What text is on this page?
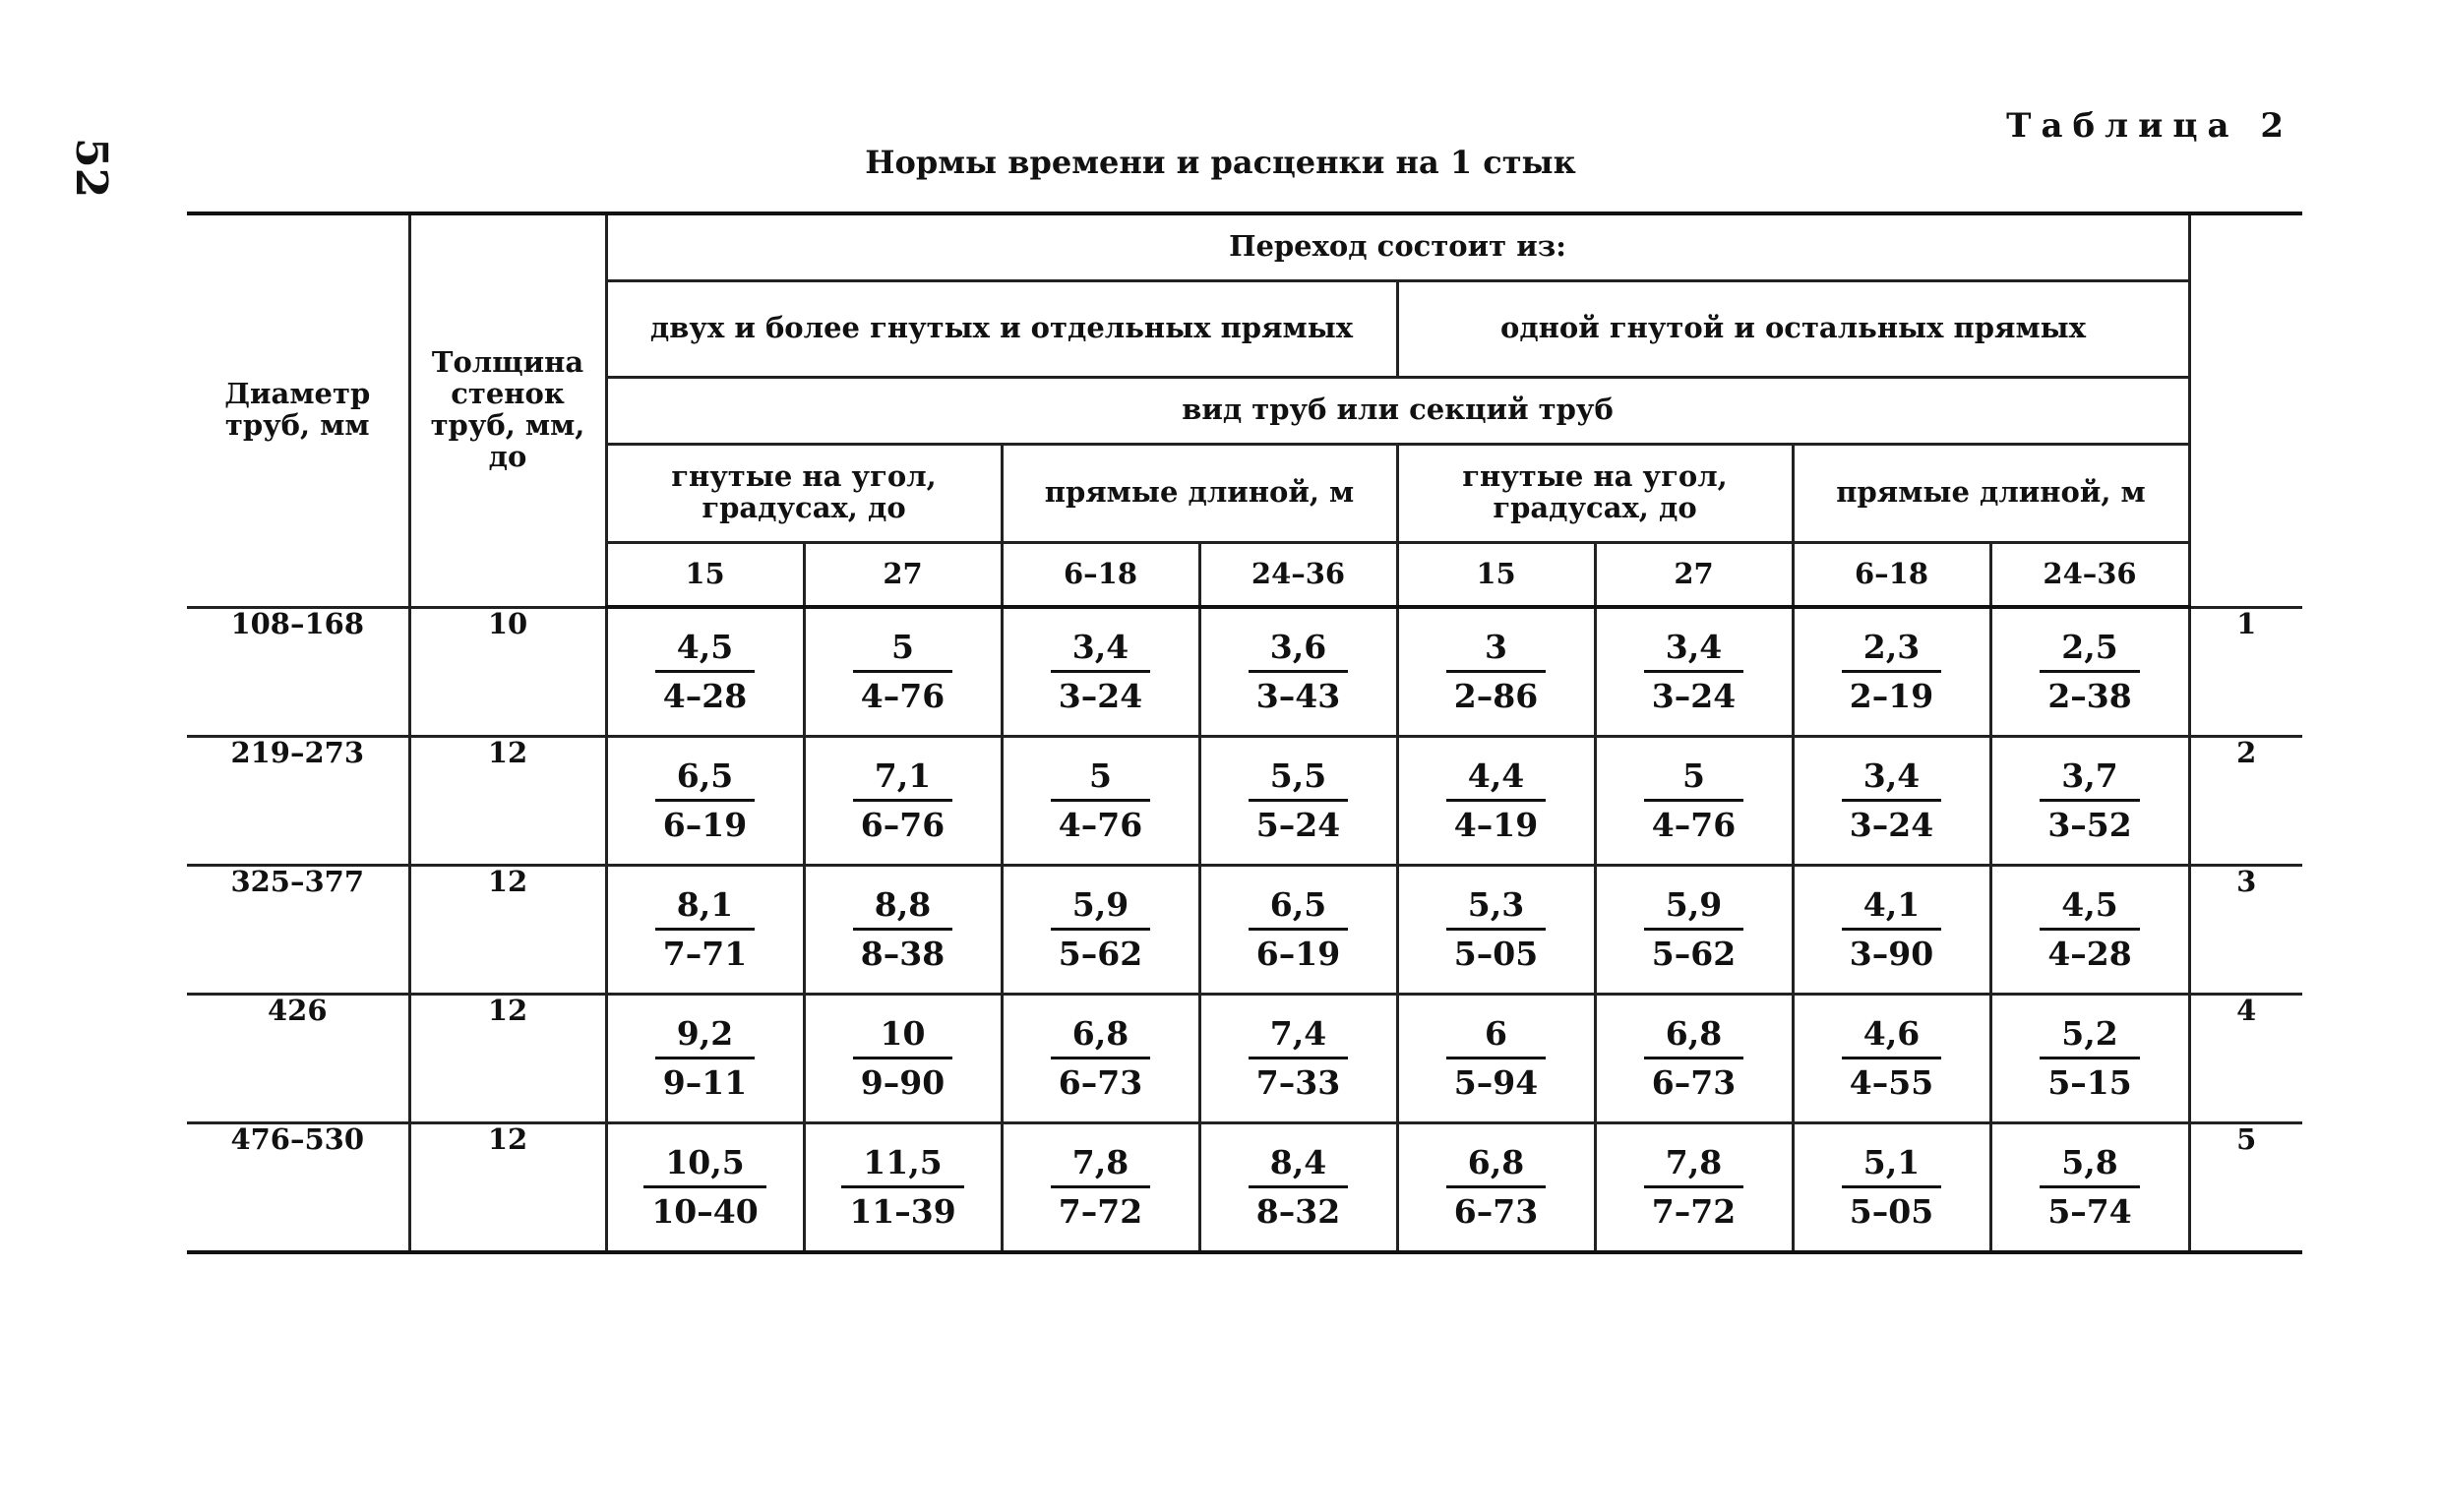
52
Таблица 2
Нормы времени и расценки на 1 стык
Диаметр труб, мм	Толщина стенок труб, мм, до	Переход состоит из:								
		двух и более гнутых и отдельных прямых				одной гнутой и остальных прямых				
		вид труб или секций труб								
		гнутые на угол, градусах, до		прямые длиной, м		гнутые на угол, градусах, до		прямые длиной, м		
		15	27	6–18	24–36	15	27	6–18	24–36	
108–168	10	$\frac{4,5}{4-28}$	$\frac{5}{4-76}$	$\frac{3,4}{3-24}$	$\frac{3,6}{3-43}$	$\frac{3}{2-86}$	$\frac{3,4}{3-24}$	$\frac{2,3}{2-19}$	$\frac{2,5}{2-38}$	1
219–273	12	$\frac{6,5}{6-19}$	$\frac{7,1}{6-76}$	$\frac{5}{4-76}$	$\frac{5,5}{5-24}$	$\frac{4,4}{4-19}$	$\frac{5}{4-76}$	$\frac{3,4}{3-24}$	$\frac{3,7}{3-52}$	2
325–377	12	$\frac{8,1}{7-71}$	$\frac{8,8}{8-38}$	$\frac{5,9}{5-62}$	$\frac{6,5}{6-19}$	$\frac{5,3}{5-05}$	$\frac{5,9}{5-62}$	$\frac{4,1}{3-90}$	$\frac{4,5}{4-28}$	3
426	12	$\frac{9,2}{9-11}$	$\frac{10}{9-90}$	$\frac{6,8}{6-73}$	$\frac{7,4}{7-33}$	$\frac{6}{5-94}$	$\frac{6,8}{6-73}$	$\frac{4,6}{4-55}$	$\frac{5,2}{5-15}$	4
476–530	12	$\frac{10,5}{10-40}$	$\frac{11,5}{11-39}$	$\frac{7,8}{7-72}$	$\frac{8,4}{8-32}$	$\frac{6,8}{6-73}$	$\frac{7,8}{7-72}$	$\frac{5,1}{5-05}$	$\frac{5,8}{5-74}$	5
